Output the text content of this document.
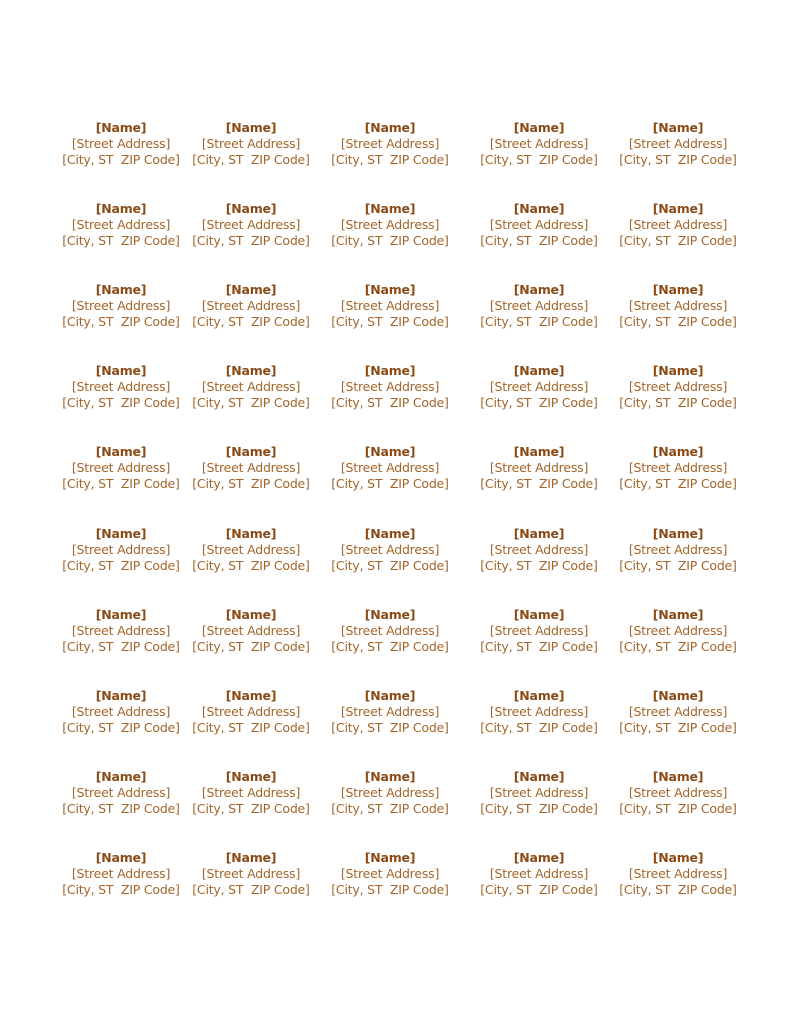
[Name]
[Street Address]
[City, ST  ZIP Code]
[Name]
[Street Address]
[City, ST  ZIP Code]
[Name]
[Street Address]
[City, ST  ZIP Code]
[Name]
[Street Address]
[City, ST  ZIP Code]
[Name]
[Street Address]
[City, ST  ZIP Code]
[Name]
[Street Address]
[City, ST  ZIP Code]
[Name]
[Street Address]
[City, ST  ZIP Code]
[Name]
[Street Address]
[City, ST  ZIP Code]
[Name]
[Street Address]
[City, ST  ZIP Code]
[Name]
[Street Address]
[City, ST  ZIP Code]
[Name]
[Street Address]
[City, ST  ZIP Code]
[Name]
[Street Address]
[City, ST  ZIP Code]
[Name]
[Street Address]
[City, ST  ZIP Code]
[Name]
[Street Address]
[City, ST  ZIP Code]
[Name]
[Street Address]
[City, ST  ZIP Code]
[Name]
[Street Address]
[City, ST  ZIP Code]
[Name]
[Street Address]
[City, ST  ZIP Code]
[Name]
[Street Address]
[City, ST  ZIP Code]
[Name]
[Street Address]
[City, ST  ZIP Code]
[Name]
[Street Address]
[City, ST  ZIP Code]
[Name]
[Street Address]
[City, ST  ZIP Code]
[Name]
[Street Address]
[City, ST  ZIP Code]
[Name]
[Street Address]
[City, ST  ZIP Code]
[Name]
[Street Address]
[City, ST  ZIP Code]
[Name]
[Street Address]
[City, ST  ZIP Code]
[Name]
[Street Address]
[City, ST  ZIP Code]
[Name]
[Street Address]
[City, ST  ZIP Code]
[Name]
[Street Address]
[City, ST  ZIP Code]
[Name]
[Street Address]
[City, ST  ZIP Code]
[Name]
[Street Address]
[City, ST  ZIP Code]
[Name]
[Street Address]
[City, ST  ZIP Code]
[Name]
[Street Address]
[City, ST  ZIP Code]
[Name]
[Street Address]
[City, ST  ZIP Code]
[Name]
[Street Address]
[City, ST  ZIP Code]
[Name]
[Street Address]
[City, ST  ZIP Code]
[Name]
[Street Address]
[City, ST  ZIP Code]
[Name]
[Street Address]
[City, ST  ZIP Code]
[Name]
[Street Address]
[City, ST  ZIP Code]
[Name]
[Street Address]
[City, ST  ZIP Code]
[Name]
[Street Address]
[City, ST  ZIP Code]
[Name]
[Street Address]
[City, ST  ZIP Code]
[Name]
[Street Address]
[City, ST  ZIP Code]
[Name]
[Street Address]
[City, ST  ZIP Code]
[Name]
[Street Address]
[City, ST  ZIP Code]
[Name]
[Street Address]
[City, ST  ZIP Code]
[Name]
[Street Address]
[City, ST  ZIP Code]
[Name]
[Street Address]
[City, ST  ZIP Code]
[Name]
[Street Address]
[City, ST  ZIP Code]
[Name]
[Street Address]
[City, ST  ZIP Code]
[Name]
[Street Address]
[City, ST  ZIP Code]
